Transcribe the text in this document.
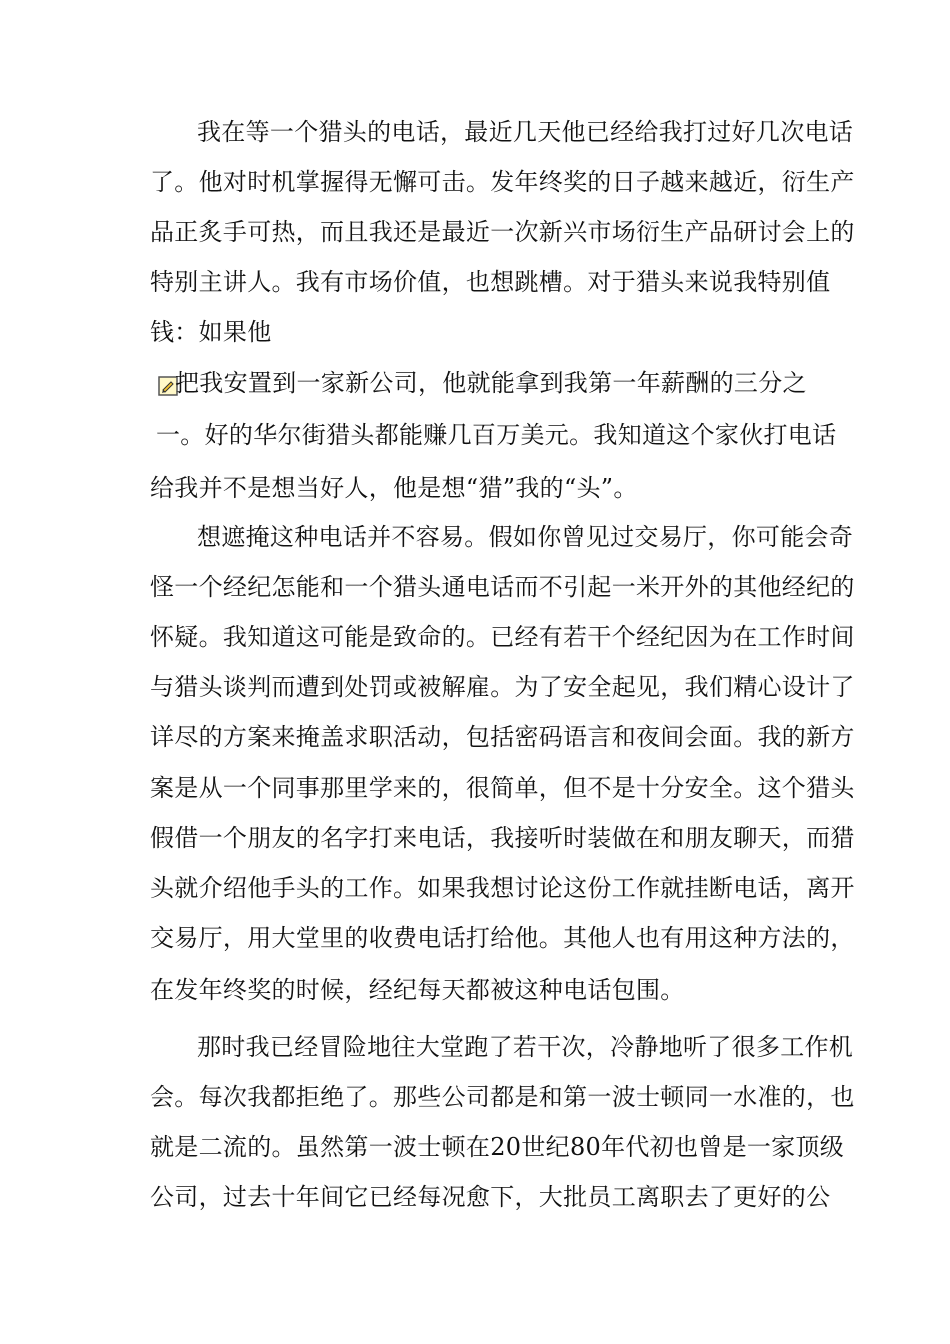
我在等一个猎头的电话，最近几天他已经给我打过好几次电话
了。他对时机掌握得无懈可击。发年终奖的日子越来越近，衍生产
品正炙手可热，而且我还是最近一次新兴市场衍生产品研讨会上的
特别主讲人。我有市场价值，也想跳槽。对于猎头来说我特别值
钱：如果他
把我安置到一家新公司，他就能拿到我第一年薪酬的三分之
一。好的华尔街猎头都能赚几百万美元。我知道这个家伙打电话
给我并不是想当好人，他是想“猎”我的“头”。
想遮掩这种电话并不容易。假如你曾见过交易厅，你可能会奇
怪一个经纪怎能和一个猎头通电话而不引起一米开外的其他经纪的
怀疑。我知道这可能是致命的。已经有若干个经纪因为在工作时间
与猎头谈判而遭到处罚或被解雇。为了安全起见，我们精心设计了
详尽的方案来掩盖求职活动，包括密码语言和夜间会面。我的新方
案是从一个同事那里学来的，很简单，但不是十分安全。这个猎头
假借一个朋友的名字打来电话，我接听时装做在和朋友聊天，而猎
头就介绍他手头的工作。如果我想讨论这份工作就挂断电话，离开
交易厅，用大堂里的收费电话打给他。其他人也有用这种方法的，
在发年终奖的时候，经纪每天都被这种电话包围。
那时我已经冒险地往大堂跑了若干次，冷静地听了很多工作机
会。每次我都拒绝了。那些公司都是和第一波士顿同一水准的，也
就是二流的。虽然第一波士顿在20世纪80年代初也曾是一家顶级
公司，过去十年间它已经每况愈下，大批员工离职去了更好的公
